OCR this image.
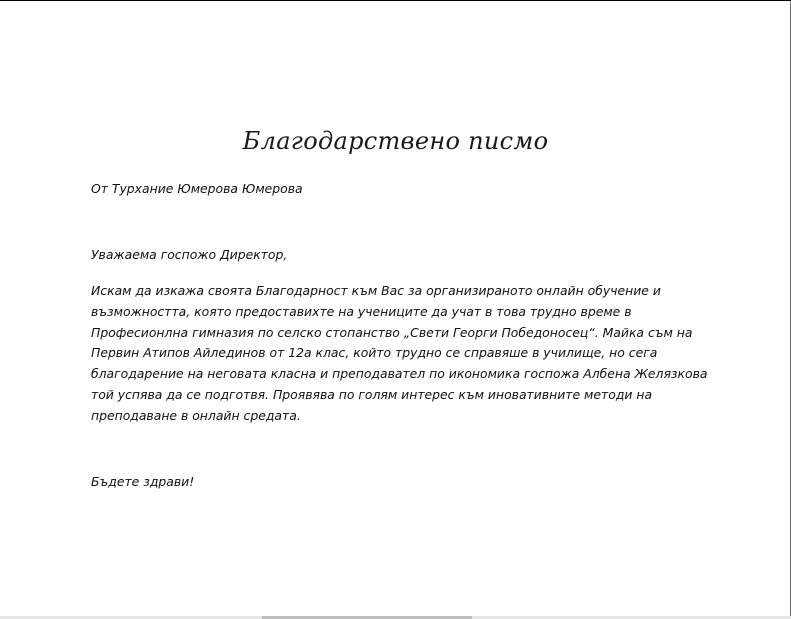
Благодарствено писмо
От Турхание Юмерова Юмерова
Уважаема госпожо Директор,
Искам да изкажа своята Благодарност към Вас за организираното онлайн обучение и
възможността, която предоставихте на учениците да учат в това трудно време в
Професионлна гимназия по селско стопанство „Свети Георги Победоносец“. Майка съм на
Первин Атипов Айлединов от 12а клас, който трудно се справяше в училище, но сега
благодарение на неговата класна и преподавател по икономика госпожа Албена Желязкова
той успява да се подготвя. Проявява по голям интерес към иновативните методи на
преподаване в онлайн средата.
Бъдете здрави!
